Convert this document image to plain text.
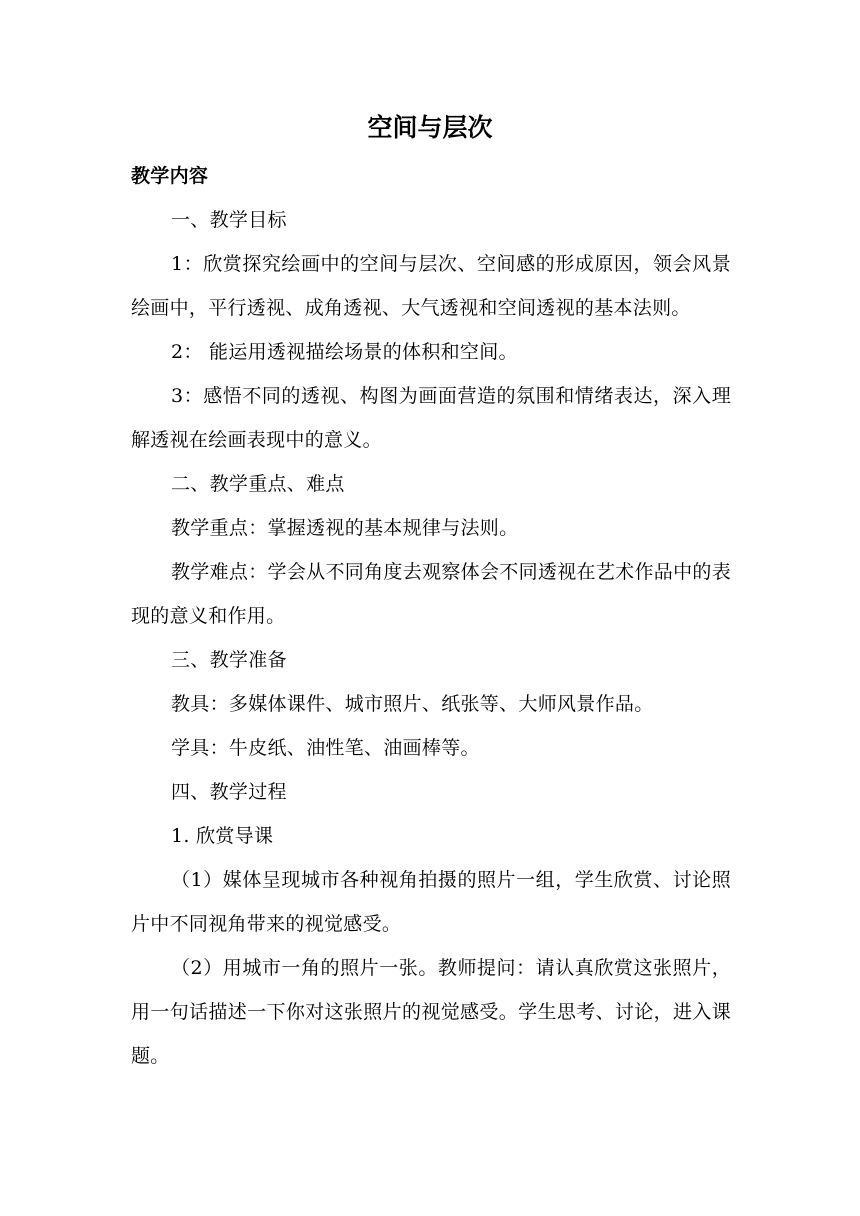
空间与层次

教学内容

一、教学目标

1：欣赏探究绘画中的空间与层次、空间感的形成原因，领会风景绘画中，平行透视、成角透视、大气透视和空间透视的基本法则。

2： 能运用透视描绘场景的体积和空间。

3：感悟不同的透视、构图为画面营造的氛围和情绪表达，深入理解透视在绘画表现中的意义。

二、教学重点、难点

教学重点：掌握透视的基本规律与法则。

教学难点：学会从不同角度去观察体会不同透视在艺术作品中的表现的意义和作用。

三、教学准备

教具：多媒体课件、城市照片、纸张等、大师风景作品。

学具：牛皮纸、油性笔、油画棒等。

四、教学过程

1. 欣赏导课

（1）媒体呈现城市各种视角拍摄的照片一组，学生欣赏、讨论照片中不同视角带来的视觉感受。

（2）用城市一角的照片一张。教师提问：请认真欣赏这张照片，用一句话描述一下你对这张照片的视觉感受。学生思考、讨论，进入课题。
